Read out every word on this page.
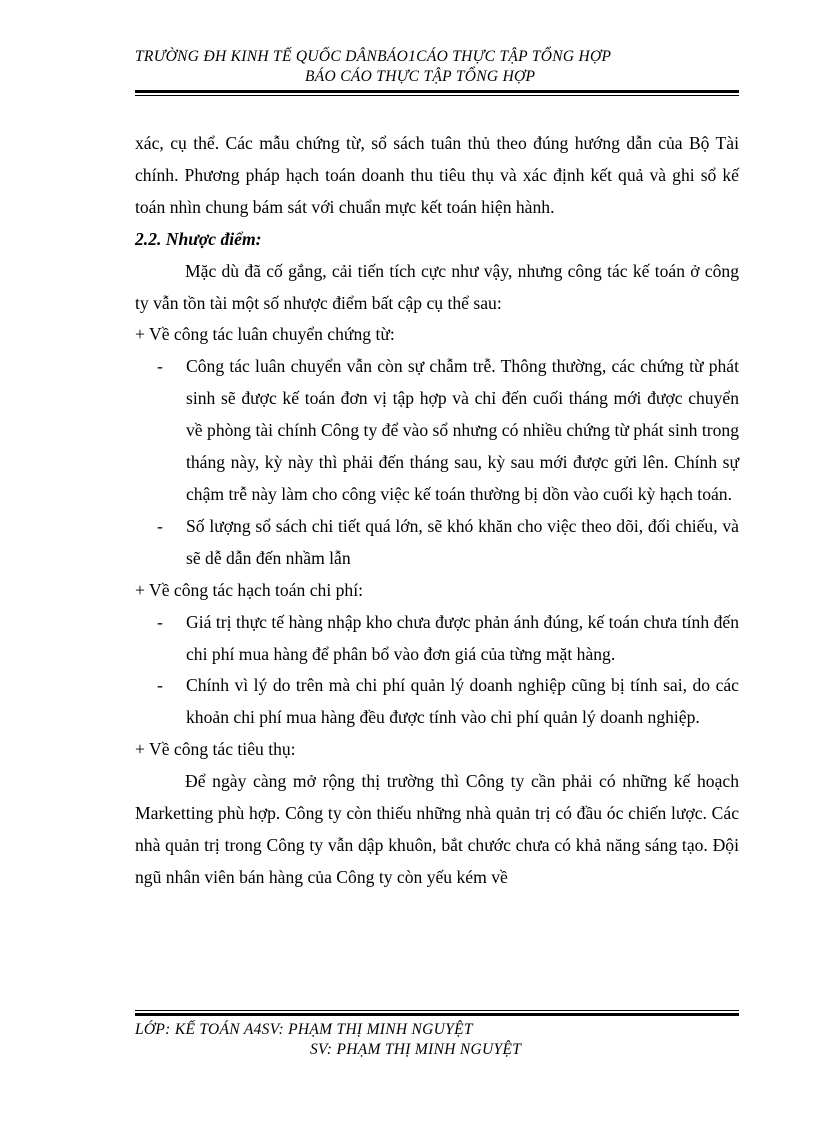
TRƯỜNG ĐH KINH TẾ QUỐC DÂNBÁO1CÁO THỰC TẬP TỔNG HỢP
BÁO CÁO THỰC TẬP TỔNG HỢP
xác, cụ thể. Các mẫu chứng từ, sổ sách tuân thủ theo đúng hướng dẫn của Bộ Tài chính. Phương pháp hạch toán doanh thu tiêu thụ và xác định kết quả và ghi sổ kế toán nhìn chung bám sát với chuẩn mực kết toán hiện hành.
2.2. Nhược điểm:
Mặc dù đã cố gắng, cải tiến tích cực như vậy, nhưng công tác kế toán ở công ty vẫn tồn tài một số nhược điểm bất cập cụ thể sau:
+ Về công tác luân chuyển chứng từ:
- Công tác luân chuyển vẫn còn sự chẫm trễ. Thông thường, các chứng từ phát sinh sẽ được kế toán đơn vị tập hợp và chỉ đến cuối tháng mới được chuyển về phòng tài chính Công ty để vào sổ nhưng có nhiều chứng từ phát sinh trong tháng này, kỳ này thì phải đến tháng sau, kỳ sau mới được gửi lên. Chính sự chậm trễ này làm cho công việc kế toán thường bị dồn vào cuối kỳ hạch toán.
- Số lượng sổ sách chi tiết quá lớn, sẽ khó khăn cho việc theo dõi, đối chiếu, và sẽ dễ dẫn đến nhầm lẫn
+ Về công tác hạch toán chi phí:
- Giá trị thực tế hàng nhập kho chưa được phản ánh đúng, kế toán chưa tính đến chi phí mua hàng để phân bổ vào đơn giá của từng mặt hàng.
- Chính vì lý do trên mà chi phí quản lý doanh nghiệp cũng bị tính sai, do các khoản chi phí mua hàng đều được tính vào chi phí quản lý doanh nghiệp.
+ Về công tác tiêu thụ:
Để ngày càng mở rộng thị trường thì Công ty cần phải có những kế hoạch Marketting phù hợp. Công ty còn thiếu những nhà quản trị có đầu óc chiến lược. Các nhà quản trị trong Công ty vẫn dập khuôn, bắt chước chưa có khả năng sáng tạo. Đội ngũ nhân viên bán hàng của Công ty còn yếu kém về
LỚP: KẾ TOÁN A4SV: PHẠM THỊ MINH NGUYỆT
SV: PHẠM THỊ MINH NGUYỆT
